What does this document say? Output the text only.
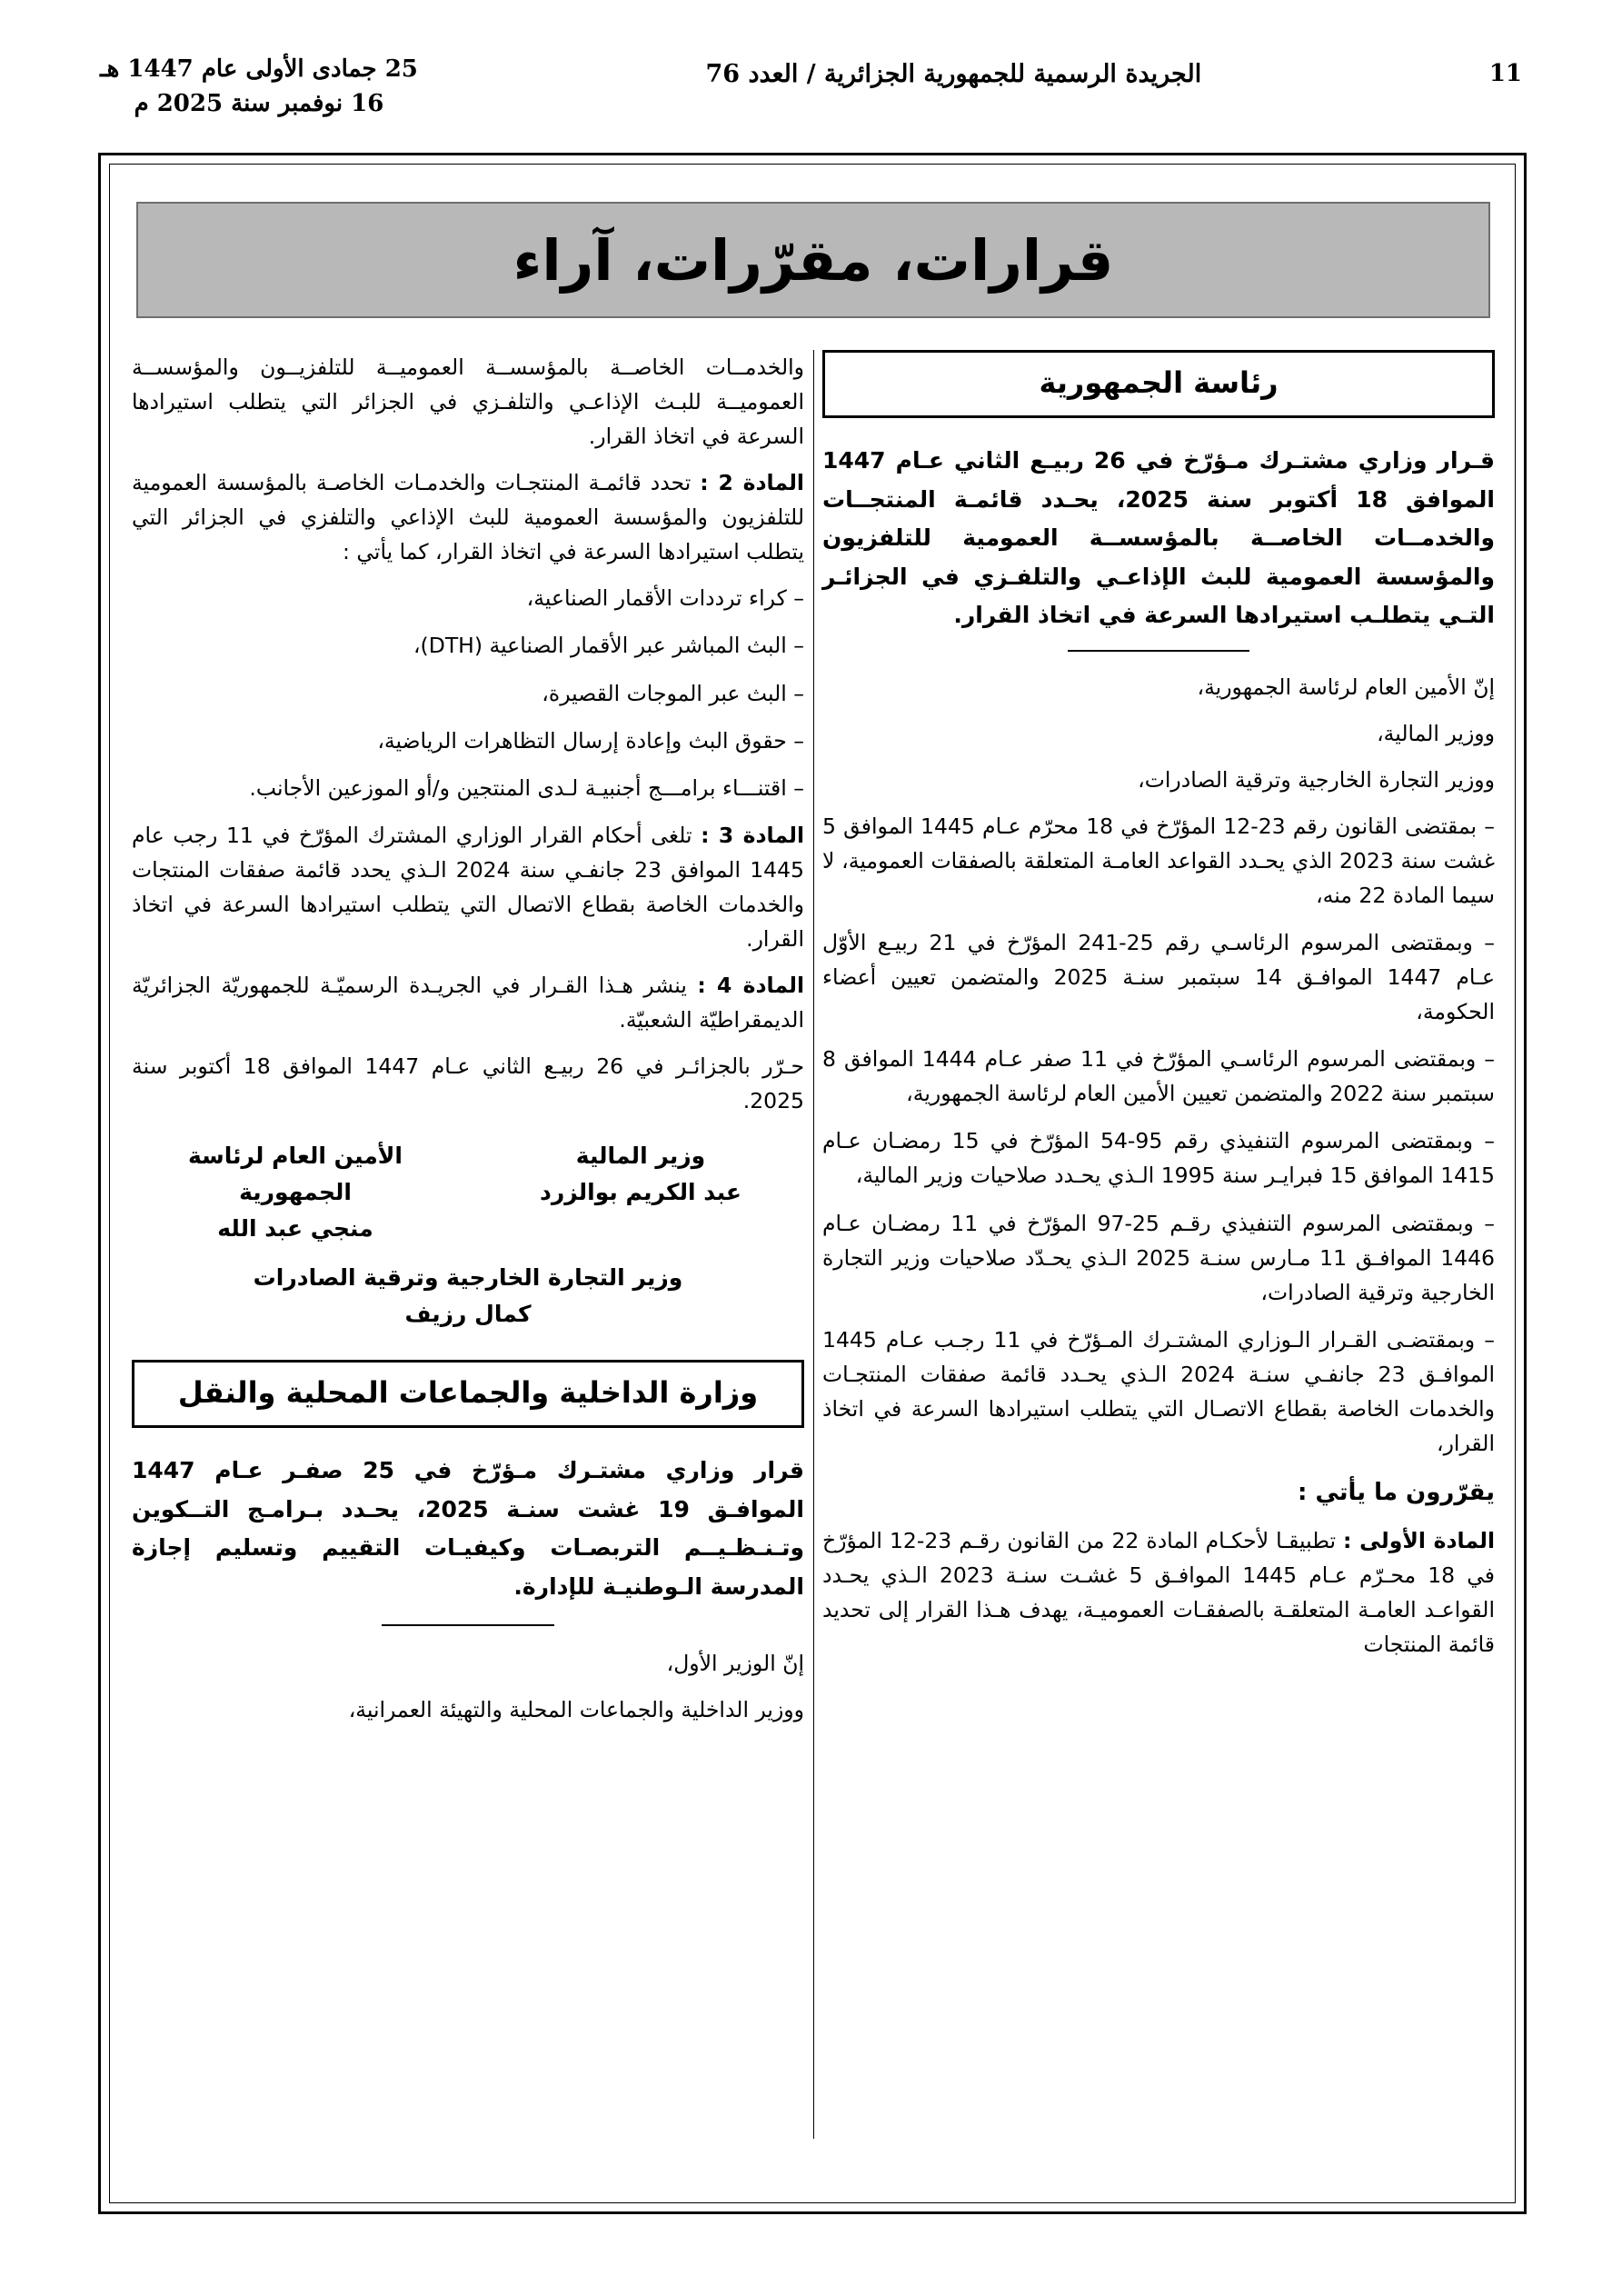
25 جمادى الأولى عام 1447 هـ
16 نوفمبر سنة 2025 م
الجريدة الرسمية للجمهورية الجزائرية / العدد 76	11
قرارات، مقرّرات، آراء
رئاسة الجمهورية
قـرار وزاري مشتـرك مـؤرّخ في 26 ربيـع الثاني عـام 1447 الموافق 18 أكتوبر سنة 2025، يحـدد قائمـة المنتجــات والخدمــات الخاصــة بالمؤسســة العمومية للتلفزيون والمؤسسة العمومية للبث الإذاعـي والتلفـزي في الجزائـر التـي يتطلـب استيرادها السرعة في اتخاذ القرار.

إنّ الأمين العام لرئاسة الجمهورية،

ووزير المالية،

ووزير التجارة الخارجية وترقية الصادرات،

– بمقتضى القانون رقم 23-12 المؤرّخ في 18 محرّم عـام 1445 الموافق 5 غشت سنة 2023 الذي يحـدد القواعد العامـة المتعلقة بالصفقات العمومية، لا سيما المادة 22 منه،

– وبمقتضى المرسوم الرئاسـي رقم 25-241 المؤرّخ في 21 ربيـع الأوّل عـام 1447 الموافـق 14 سبتمبر سنـة 2025 والمتضمن تعيين أعضاء الحكومة،

– وبمقتضى المرسوم الرئاسـي المؤرّخ في 11 صفر عـام 1444 الموافق 8 سبتمبر سنة 2022 والمتضمن تعيين الأمين العام لرئاسة الجمهورية،

– وبمقتضى المرسوم التنفيذي رقم 95-54 المؤرّخ في 15 رمضـان عـام 1415 الموافق 15 فبرايـر سنة 1995 الـذي يحـدد صلاحيات وزير المالية،

– وبمقتضى المرسوم التنفيذي رقـم 25-97 المؤرّخ في 11 رمضـان عـام 1446 الموافـق 11 مـارس سنـة 2025 الـذي يحـدّد صلاحيات وزير التجارة الخارجية وترقية الصادرات،

– وبمقتضـى القـرار الـوزاري المشتـرك المـؤرّخ في 11 رجـب عـام 1445 الموافـق 23 جانفـي سنـة 2024 الـذي يحـدد قائمة صفقات المنتجـات والخدمات الخاصة بقطاع الاتصـال التي يتطلب استيرادها السرعة في اتخاذ القرار،

يقرّرون ما يأتي :

المادة الأولى : تطبيقـا لأحكـام المادة 22 من القانون رقـم 23-12 المؤرّخ في 18 محـرّم عـام 1445 الموافـق 5 غشـت سنـة 2023 الـذي يحـدد القواعـد العامـة المتعلقـة بالصفقـات العموميـة، يهدف هـذا القرار إلى تحديد قائمة المنتجات

والخدمــات الخاصــة بالمؤسســة العموميــة للتلفزيــون والمؤسســة العموميــة للبـث الإذاعـي والتلفـزي في الجزائر التي يتطلب استيرادها السرعة في اتخاذ القرار.

المادة 2 : تحدد قائمـة المنتجـات والخدمـات الخاصـة بالمؤسسة العمومية للتلفزيون والمؤسسة العمومية للبث الإذاعي والتلفزي في الجزائر التي يتطلب استيرادها السرعة في اتخاذ القرار، كما يأتي :

– كراء ترددات الأقمار الصناعية،

– البث المباشر عبر الأقمار الصناعية (DTH)،

– البث عبر الموجات القصيرة،

– حقوق البث وإعادة إرسال التظاهرات الرياضية،

– اقتنـــاء برامـــج أجنبيـة لـدى المنتجين و/أو الموزعين الأجانب.

المادة 3 : تلغى أحكام القرار الوزاري المشترك المؤرّخ في 11 رجب عام 1445 الموافق 23 جانفـي سنة 2024 الـذي يحدد قائمة صفقات المنتجات والخدمات الخاصة بقطاع الاتصال التي يتطلب استيرادها السرعة في اتخاذ القرار.

المادة 4 : ينشر هـذا القـرار في الجريـدة الرسميّـة للجمهوريّة الجزائريّة الديمقراطيّة الشعبيّة.

حـرّر بالجزائـر في 26 ربيـع الثاني عـام 1447 الموافق 18 أكتوبر سنة 2025.

الأمين العام لرئاسة الجمهورية
منجي عبد الله
وزير المالية
عبد الكريم بوالزرد
وزير التجارة الخارجية وترقية الصادرات
كمال رزيف
وزارة الداخلية والجماعات المحلية والنقل
قرار وزاري مشتـرك مـؤرّخ في 25 صفـر عـام 1447 الموافـق 19 غشت سنـة 2025، يحـدد بـرامـج التــكوين وتـنـظـيــم التربصـات وكيفيـات التقييم وتسليم إجازة المدرسة الـوطنيـة للإدارة.

إنّ الوزير الأول،

ووزير الداخلية والجماعات المحلية والتهيئة العمرانية،
